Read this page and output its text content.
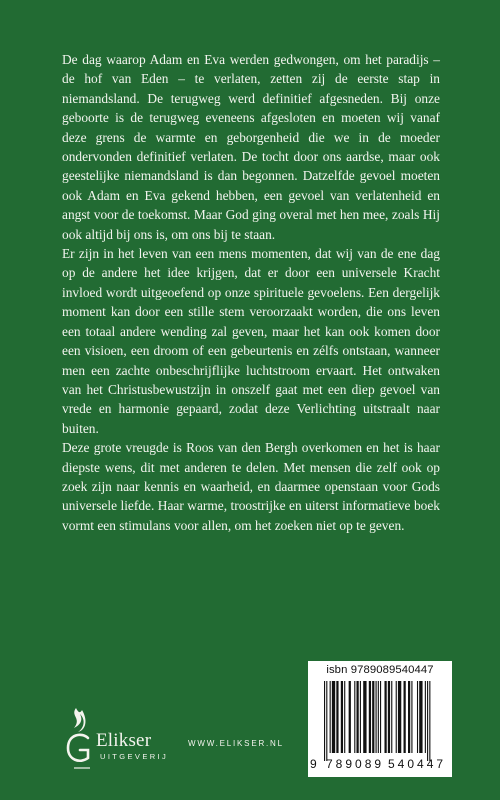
De dag waarop Adam en Eva werden gedwongen, om het paradijs – de hof van Eden – te verlaten, zetten zij de eerste stap in niemandsland. De terugweg werd definitief afgesneden. Bij onze geboorte is de terugweg eveneens afgesloten en moeten wij vanaf deze grens de warmte en geborgenheid die we in de moeder ondervonden definitief verlaten. De tocht door ons aardse, maar ook geestelijke niemandsland is dan begonnen. Datzelfde gevoel moeten ook Adam en Eva gekend hebben, een gevoel van verlatenheid en angst voor de toekomst. Maar God ging overal met hen mee, zoals Hij ook altijd bij ons is, om ons bij te staan.

Er zijn in het leven van een mens momenten, dat wij van de ene dag op de andere het idee krijgen, dat er door een universele Kracht invloed wordt uitgeoefend op onze spirituele gevoelens. Een dergelijk moment kan door een stille stem veroorzaakt worden, die ons leven een totaal andere wending zal geven, maar het kan ook komen door een visioen, een droom of een gebeurtenis en zélfs ontstaan, wanneer men een zachte onbeschrijflijke luchtstroom ervaart. Het ontwaken van het Christusbewustzijn in onszelf gaat met een diep gevoel van vrede en harmonie gepaard, zodat deze Verlichting uitstraalt naar buiten.

Deze grote vreugde is Roos van den Bergh overkomen en het is haar diepste wens, dit met anderen te delen. Met mensen die zelf ook op zoek zijn naar kennis en waarheid, en daarmee openstaan voor Gods universele liefde. Haar warme, troostrijke en uiterst informatieve boek vormt een stimulans voor allen, om het zoeken niet op te geven.

Elikser
UITGEVERIJ
WWW.ELIKSER.NL
isbn 9789089540447
9 789089 540447
